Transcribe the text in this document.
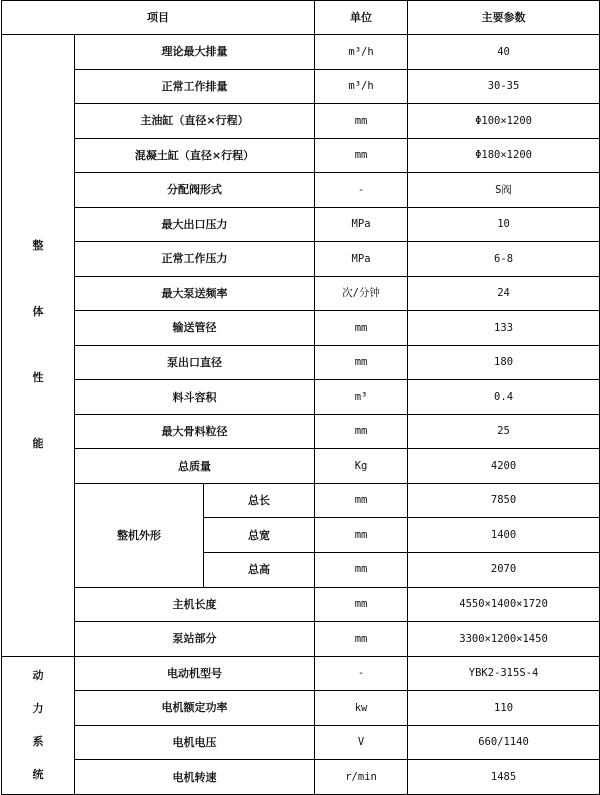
项目			单位	主要参数

整
体
性
能	理论最大排量		m³/h	40
	正常工作排量		m³/h	30-35
	主油缸（直径×行程）		mm	Φ100×1200
	混凝土缸（直径×行程）		mm	Φ180×1200
	分配阀形式		-	S阀
	最大出口压力		MPa	10
	正常工作压力		MPa	6-8
	最大泵送频率		次/分钟	24
	输送管径		mm	133
	泵出口直径		mm	180
	料斗容积		m³	0.4
	最大骨料粒径		mm	25
	总质量		Kg	4200
	整机外形	总长	mm	7850
		总宽	mm	1400
		总高	mm	2070
	主机长度		mm	4550×1400×1720
	泵站部分		mm	3300×1200×1450

动
力
系
统	电动机型号		-	YBK2-315S-4
	电机额定功率		kw	110
	电机电压		V	660/1140
	电机转速		r/min	1485
